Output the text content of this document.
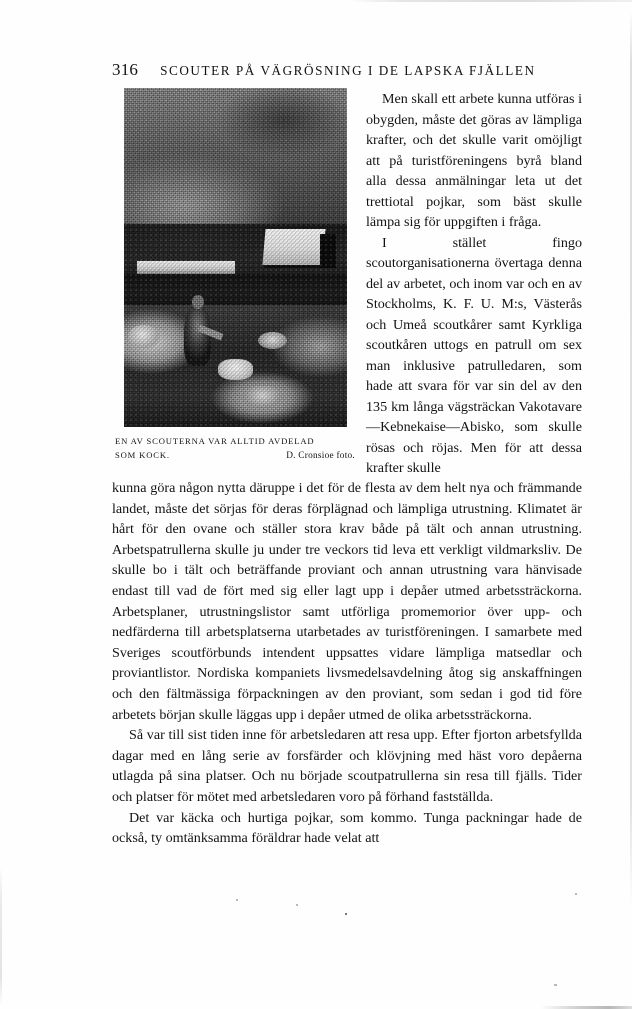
316 SCOUTER PÅ VÄGRÖSNING I DE LAPSKA FJÄLLEN
EN AV SCOUTERNA VAR ALLTID AVDELAD
SOM KOCK.	D. Cronsioe foto.

Men skall ett arbete kunna utföras i obygden, måste det göras av lämpliga krafter, och det skulle varit omöjligt att på turistföreningens byrå bland alla dessa anmälningar leta ut det trettiotal pojkar, som bäst skulle lämpa sig för uppgiften i fråga.

I stället fingo scoutorganisationerna övertaga denna del av arbetet, och inom var och en av Stockholms, K. F. U. M:s, Västerås och Umeå scoutkårer samt Kyrkliga scoutkåren uttogs en patrull om sex man inklusive patrulledaren, som hade att svara för var sin del av den 135 km långa vägsträckan Vakotavare—Kebnekaise—Abisko, som skulle rösas och röjas. Men för att dessa krafter skulle

kunna göra någon nytta däruppe i det för de flesta av dem helt nya och främmande landet, måste det sörjas för deras förplägnad och lämpliga utrustning. Klimatet är hårt för den ovane och ställer stora krav både på tält och annan utrustning. Arbetspatrullerna skulle ju under tre veckors tid leva ett verkligt vildmarksliv. De skulle bo i tält och beträffande proviant och annan utrustning vara hänvisade endast till vad de fört med sig eller lagt upp i depåer utmed arbetssträckorna. Arbetsplaner, utrustningslistor samt utförliga promemorior över upp- och nedfärderna till arbetsplatserna utarbetades av turistföreningen. I samarbete med Sveriges scoutförbunds intendent uppsattes vidare lämpliga matsedlar och proviantlistor. Nordiska kompaniets livsmedelsavdelning åtog sig anskaffningen och den fältmässiga förpackningen av den proviant, som sedan i god tid före arbetets början skulle läggas upp i depåer utmed de olika arbetssträckorna.

Så var till sist tiden inne för arbetsledaren att resa upp. Efter fjorton arbetsfyllda dagar med en lång serie av forsfärder och klövjning med häst voro depåerna utlagda på sina platser. Och nu började scoutpatrullerna sin resa till fjälls. Tider och platser för mötet med arbetsledaren voro på förhand fastställda.

Det var käcka och hurtiga pojkar, som kommo. Tunga packningar hade de också, ty omtänksamma föräldrar hade velat att
